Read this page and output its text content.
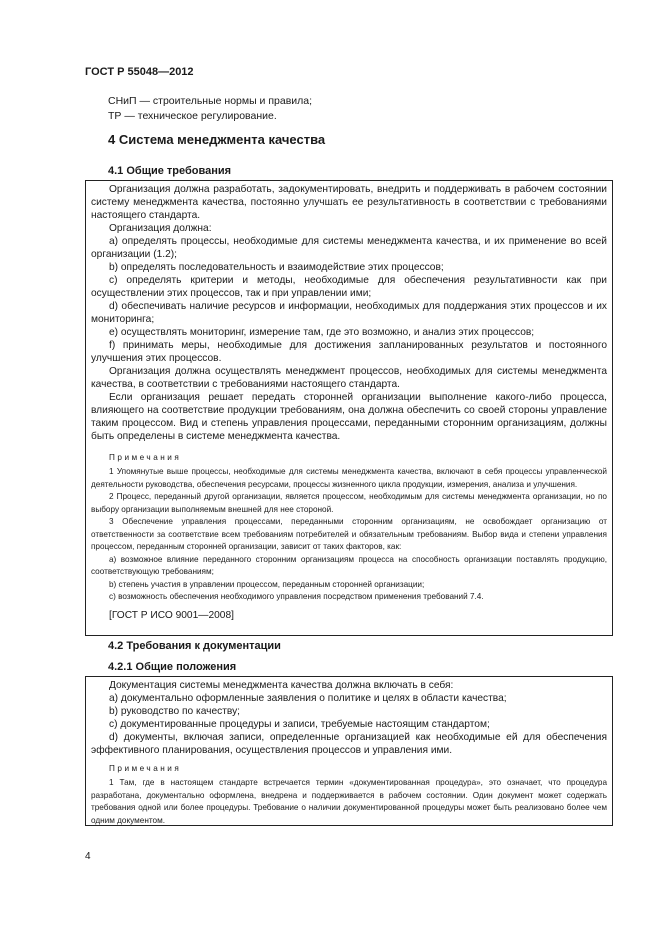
ГОСТ Р 55048—2012
СНиП — строительные нормы и правила;
ТР — техническое регулирование.
4 Система менеджмента качества
4.1 Общие требования

Организация должна разработать, задокументировать, внедрить и поддерживать в рабочем состоянии систему менеджмента качества, постоянно улучшать ее результативность в соответствии с требованиями настоящего стандарта.

Организация должна:

а) определять процессы, необходимые для системы менеджмента качества, и их применение во всей организации (1.2);

b) определять последовательность и взаимодействие этих процессов;

c) определять критерии и методы, необходимые для обеспечения результативности как при осуществлении этих процессов, так и при управлении ими;

d) обеспечивать наличие ресурсов и информации, необходимых для поддержания этих процессов и их мониторинга;

е) осуществлять мониторинг, измерение там, где это возможно, и анализ этих процессов;

f) принимать меры, необходимые для достижения запланированных результатов и постоянного улучшения этих процессов.

Организация должна осуществлять менеджмент процессов, необходимых для системы менеджмента качества, в соответствии с требованиями настоящего стандарта.

Если организация решает передать сторонней организации выполнение какого-либо процесса, влияющего на соответствие продукции требованиям, она должна обеспечить со своей стороны управление таким процессом. Вид и степень управления процессами, переданными сторонним организациям, должны быть определены в системе менеджмента качества.

Примечания

1 Упомянутые выше процессы, необходимые для системы менеджмента качества, включают в себя процессы управленческой деятельности руководства, обеспечения ресурсами, процессы жизненного цикла продукции, измерения, анализа и улучшения.

2 Процесс, переданный другой организации, является процессом, необходимым для системы менеджмента организации, но по выбору организации выполняемым внешней для нее стороной.

3 Обеспечение управления процессами, переданными сторонним организациям, не освобождает организацию от ответственности за соответствие всем требованиям потребителей и обязательным требованиям. Выбор вида и степени управления процессом, переданным сторонней организации, зависит от таких факторов, как:

а) возможное влияние переданного сторонним организациям процесса на способность организации поставлять продукцию, соответствующую требованиям;

b) степень участия в управлении процессом, переданным сторонней организации;

с) возможность обеспечения необходимого управления посредством применения требований 7.4.

[ГОСТ Р ИСО 9001—2008]

4.2 Требования к документации
4.2.1 Общие положения

Документация системы менеджмента качества должна включать в себя:

а) документально оформленные заявления о политике и целях в области качества;

b) руководство по качеству;

c) документированные процедуры и записи, требуемые настоящим стандартом;

d) документы, включая записи, определенные организацией как необходимые ей для обеспечения эффективного планирования, осуществления процессов и управления ими.

Примечания

1 Там, где в настоящем стандарте встречается термин «документированная процедура», это означает, что процедура разработана, документально оформлена, внедрена и поддерживается в рабочем состоянии. Один документ может содержать требования одной или более процедуры. Требование о наличии документированной процедуры может быть реализовано более чем одним документом.

4
